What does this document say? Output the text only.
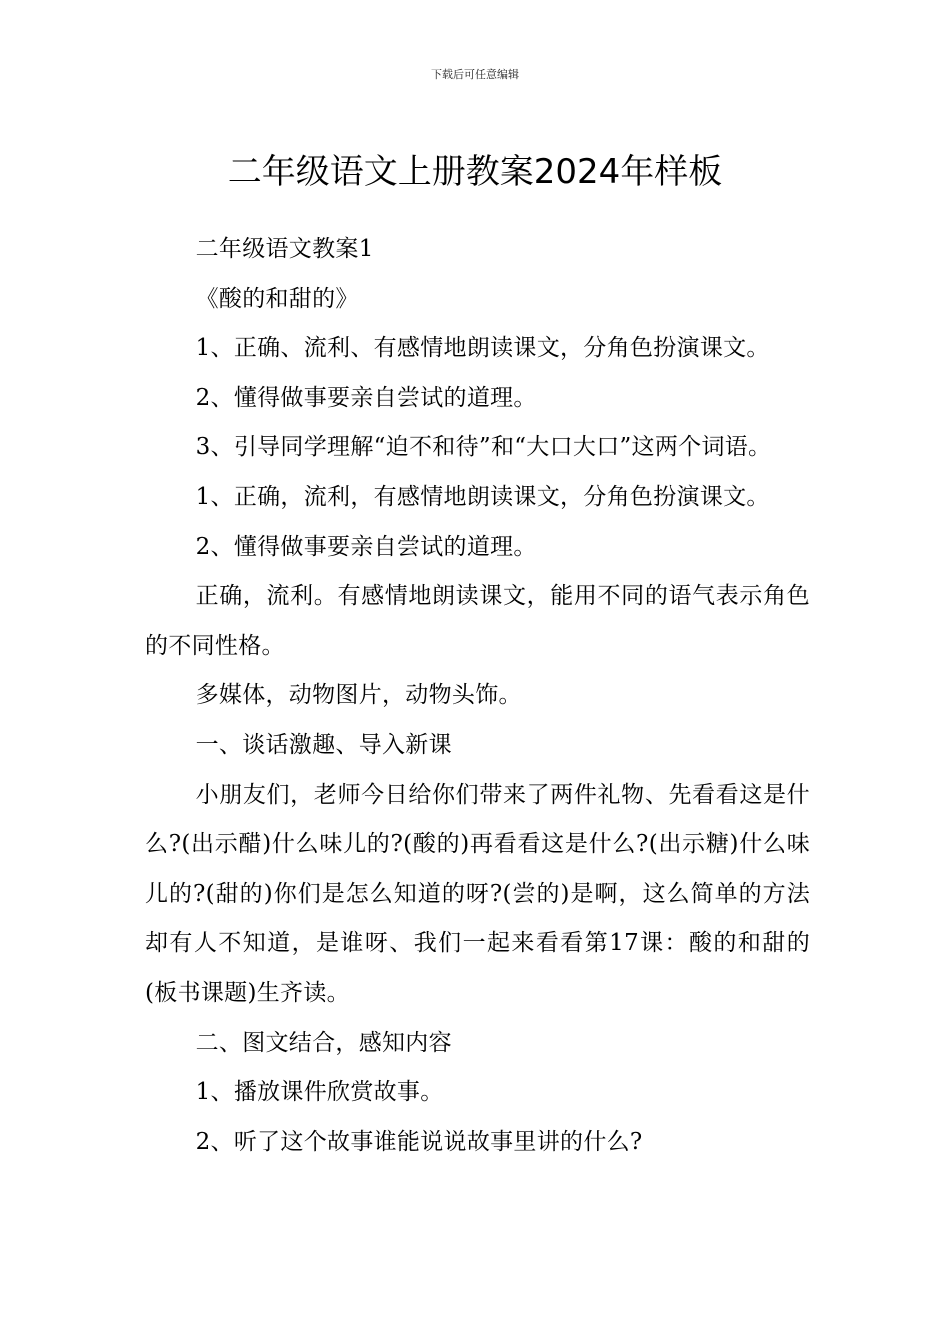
下载后可任意编辑
二年级语文上册教案2024年样板

二年级语文教案1

《酸的和甜的》

1、正确、流利、有感情地朗读课文，分角色扮演课文。

2、懂得做事要亲自尝试的道理。

3、引导同学理解“迫不和待”和“大口大口”这两个词语。

1、正确，流利，有感情地朗读课文，分角色扮演课文。

2、懂得做事要亲自尝试的道理。

正确，流利。有感情地朗读课文，能用不同的语气表示角色的不同性格。

多媒体，动物图片，动物头饰。

一、谈话激趣、导入新课

小朋友们，老师今日给你们带来了两件礼物、先看看这是什么?(出示醋)什么味儿的?(酸的)再看看这是什么?(出示糖)什么味儿的?(甜的)你们是怎么知道的呀?(尝的)是啊，这么简单的方法却有人不知道，是谁呀、我们一起来看看第17课：酸的和甜的(板书课题)生齐读。

二、图文结合，感知内容

1、播放课件欣赏故事。

2、听了这个故事谁能说说故事里讲的什么?
